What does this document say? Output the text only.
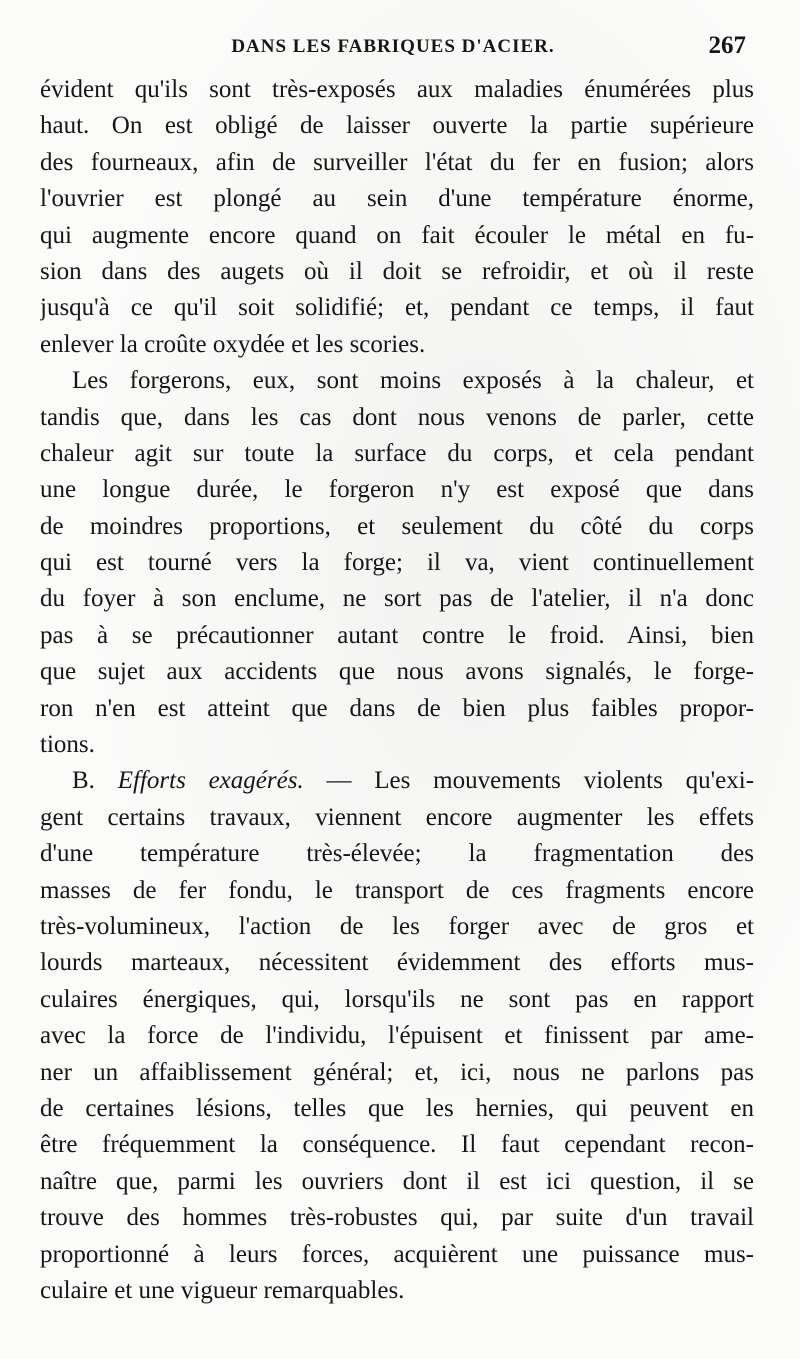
DANS LES FABRIQUES D'ACIER.	267

évident qu'ils sont très-exposés aux maladies énumérées plus
haut. On est obligé de laisser ouverte la partie supérieure
des fourneaux, afin de surveiller l'état du fer en fusion; alors
l'ouvrier est plongé au sein d'une température énorme,
qui augmente encore quand on fait écouler le métal en fu-
sion dans des augets où il doit se refroidir, et où il reste
jusqu'à ce qu'il soit solidifié; et, pendant ce temps, il faut
enlever la croûte oxydée et les scories.

Les forgerons, eux, sont moins exposés à la chaleur, et
tandis que, dans les cas dont nous venons de parler, cette
chaleur agit sur toute la surface du corps, et cela pendant
une longue durée, le forgeron n'y est exposé que dans
de moindres proportions, et seulement du côté du corps
qui est tourné vers la forge; il va, vient continuellement
du foyer à son enclume, ne sort pas de l'atelier, il n'a donc
pas à se précautionner autant contre le froid. Ainsi, bien
que sujet aux accidents que nous avons signalés, le forge-
ron n'en est atteint que dans de bien plus faibles propor-
tions.

B. Efforts exagérés. — Les mouvements violents qu'exi-
gent certains travaux, viennent encore augmenter les effets
d'une température très-élevée; la fragmentation des
masses de fer fondu, le transport de ces fragments encore
très-volumineux, l'action de les forger avec de gros et
lourds marteaux, nécessitent évidemment des efforts mus-
culaires énergiques, qui, lorsqu'ils ne sont pas en rapport
avec la force de l'individu, l'épuisent et finissent par ame-
ner un affaiblissement général; et, ici, nous ne parlons pas
de certaines lésions, telles que les hernies, qui peuvent en
être fréquemment la conséquence. Il faut cependant recon-
naître que, parmi les ouvriers dont il est ici question, il se
trouve des hommes très-robustes qui, par suite d'un travail
proportionné à leurs forces, acquièrent une puissance mus-
culaire et une vigueur remarquables.
